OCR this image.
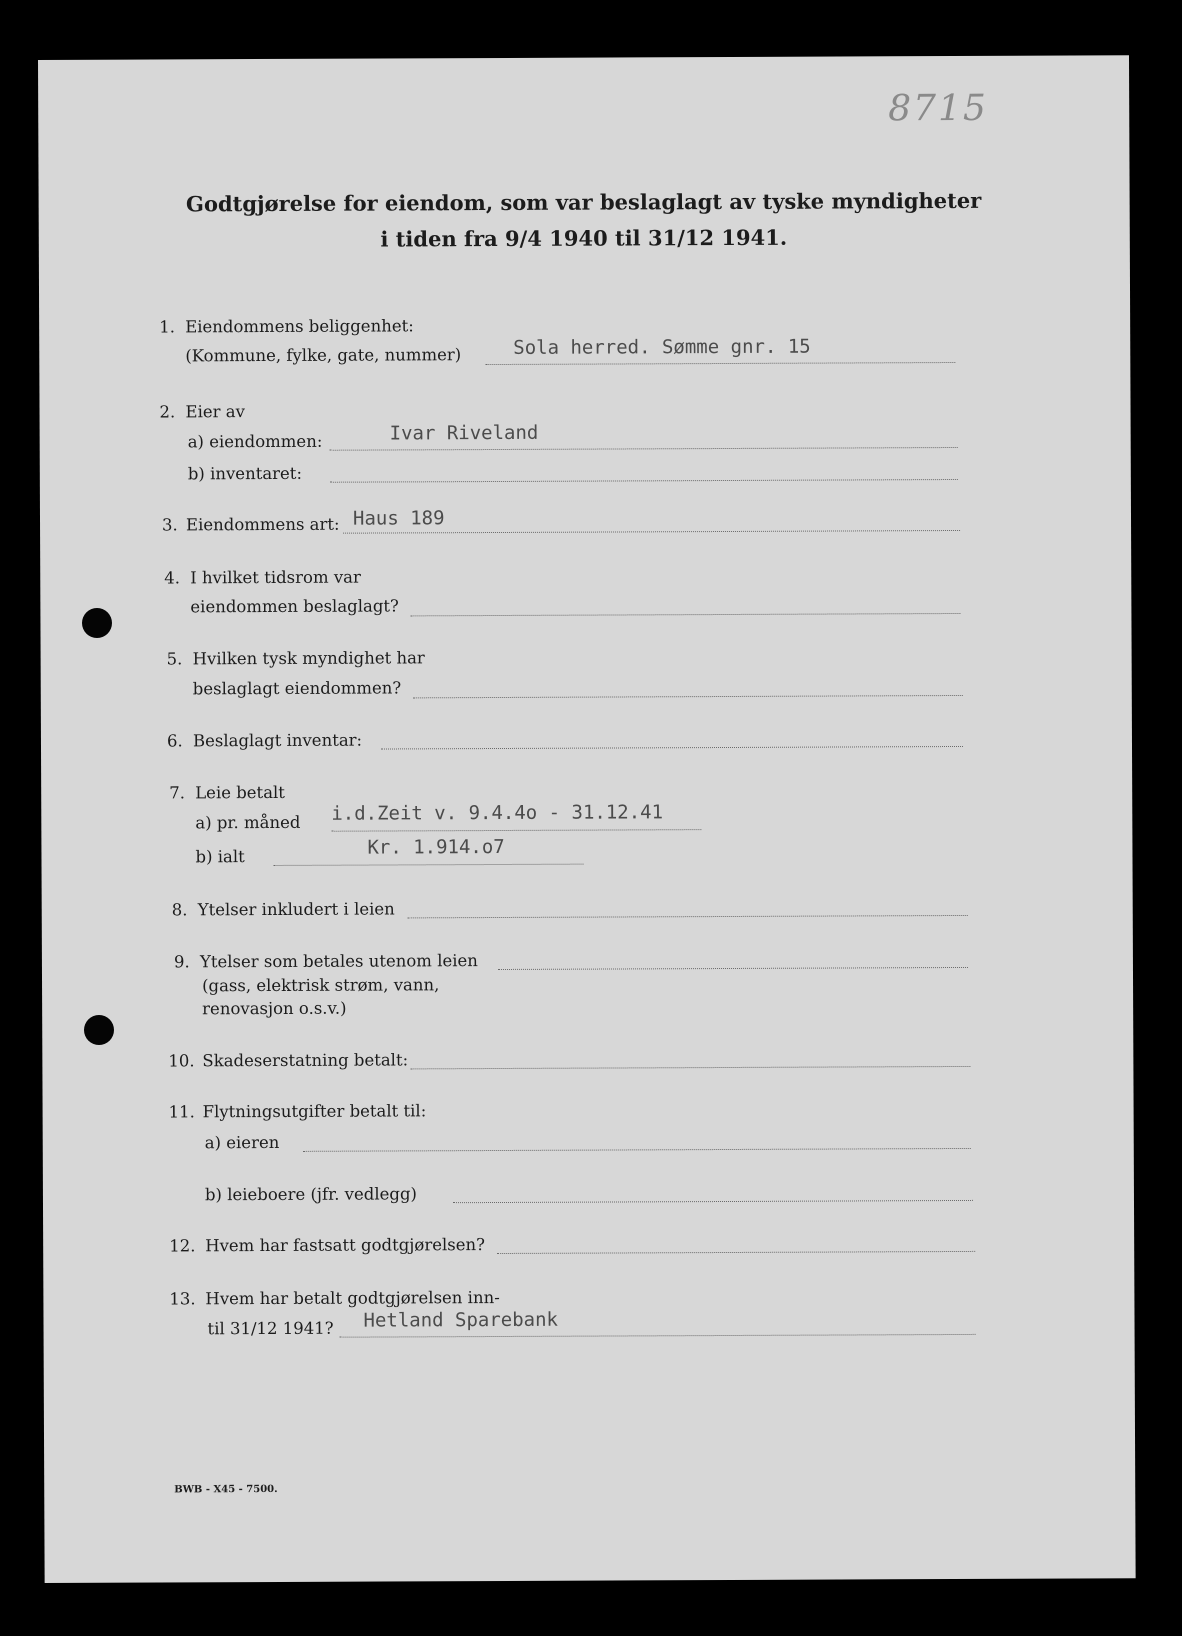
8715
Godtgjørelse for eiendom, som var beslaglagt av tyske myndigheter
i tiden fra 9/4 1940 til 31/12 1941.
1. Eiendommens beliggenhet:
(Kommune, fylke, gate, nummer)	Sola herred. Sømme gnr. 15
2. Eier av
a) eiendommen:	Ivar Riveland
b) inventaret:
3. Eiendommens art: Haus 189
4. I hvilket tidsrom var
eiendommen beslaglagt?
5. Hvilken tysk myndighet har
beslaglagt eiendommen?
6. Beslaglagt inventar:
7. Leie betalt
a) pr. måned i.d.Zeit v. 9.4.4o - 31.12.41
b) ialt	Kr. 1.914.o7
8. Ytelser inkludert i leien
9. Ytelser som betales utenom leien
(gass, elektrisk strøm, vann,
renovasjon o.s.v.)
10. Skadeserstatning betalt:
11. Flytningsutgifter betalt til:
a) eieren
b) leieboere (jfr. vedlegg)
12. Hvem har fastsatt godtgjørelsen?
13. Hvem har betalt godtgjørelsen inn-
til 31/12 1941? Hetland Sparebank
BWB - X45 - 7500.
